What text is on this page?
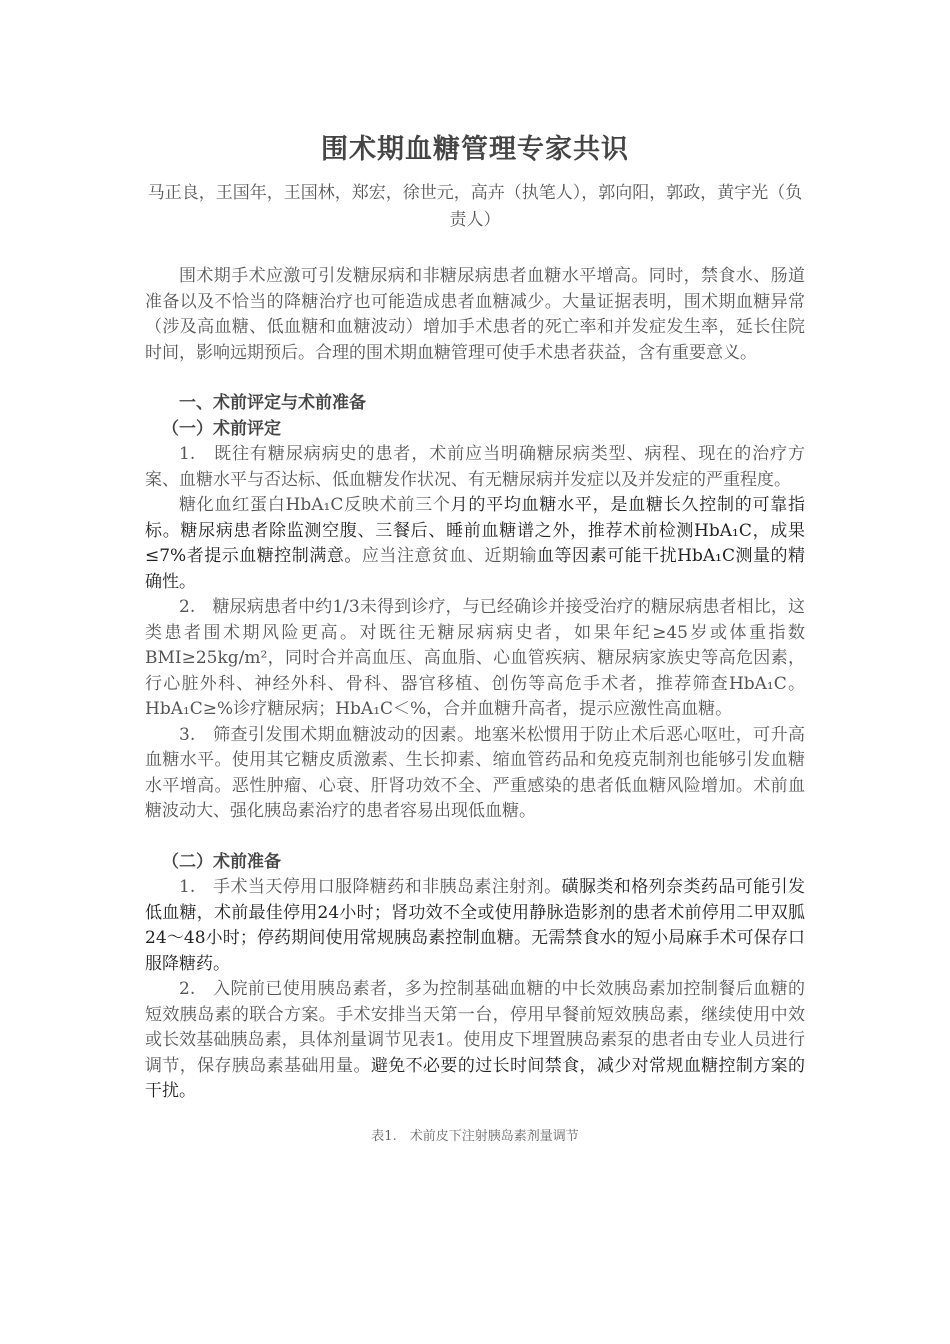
围术期血糖管理专家共识

马正良，王国年，王国林，郑宏，徐世元，高卉（执笔人），郭向阳，郭政，黄宇光（负责人）

围术期手术应激可引发糖尿病和非糖尿病患者血糖水平增高。同时，禁食水、肠道准备以及不恰当的降糖治疗也可能造成患者血糖减少。大量证据表明，围术期血糖异常（涉及高血糖、低血糖和血糖波动）增加手术患者的死亡率和并发症发生率，延长住院时间，影响远期预后。合理的围术期血糖管理可使手术患者获益，含有重要意义。

一、术前评定与术前准备
（一）术前评定

1.　既往有糖尿病病史的患者，术前应当明确糖尿病类型、病程、现在的治疗方案、血糖水平与否达标、低血糖发作状况、有无糖尿病并发症以及并发症的严重程度。

糖化血红蛋白HbA₁C反映术前三个月的平均血糖水平，是血糖长久控制的可靠指标。糖尿病患者除监测空腹、三餐后、睡前血糖谱之外，推荐术前检测HbA₁C，成果≤7%者提示血糖控制满意。应当注意贫血、近期输血等因素可能干扰HbA₁C测量的精确性。

2.　糖尿病患者中约1/3未得到诊疗，与已经确诊并接受治疗的糖尿病患者相比，这类患者围术期风险更高。对既往无糖尿病病史者，如果年纪≥45岁或体重指数BMI≥25kg/m²，同时合并高血压、高血脂、心血管疾病、糖尿病家族史等高危因素，行心脏外科、神经外科、骨科、器官移植、创伤等高危手术者，推荐筛查HbA₁C。HbA₁C≥%诊疗糖尿病；HbA₁C＜%，合并血糖升高者，提示应激性高血糖。

3.　筛查引发围术期血糖波动的因素。地塞米松惯用于防止术后恶心呕吐，可升高血糖水平。使用其它糖皮质激素、生长抑素、缩血管药品和免疫克制剂也能够引发血糖水平增高。恶性肿瘤、心衰、肝肾功效不全、严重感染的患者低血糖风险增加。术前血糖波动大、强化胰岛素治疗的患者容易出现低血糖。

（二）术前准备

1.　手术当天停用口服降糖药和非胰岛素注射剂。磺脲类和格列奈类药品可能引发低血糖，术前最佳停用24小时；肾功效不全或使用静脉造影剂的患者术前停用二甲双胍24～48小时；停药期间使用常规胰岛素控制血糖。无需禁食水的短小局麻手术可保存口服降糖药。

2.　入院前已使用胰岛素者，多为控制基础血糖的中长效胰岛素加控制餐后血糖的短效胰岛素的联合方案。手术安排当天第一台，停用早餐前短效胰岛素，继续使用中效或长效基础胰岛素，具体剂量调节见表1。使用皮下埋置胰岛素泵的患者由专业人员进行调节，保存胰岛素基础用量。避免不必要的过长时间禁食，减少对常规血糖控制方案的干扰。

表1.　术前皮下注射胰岛素剂量调节
